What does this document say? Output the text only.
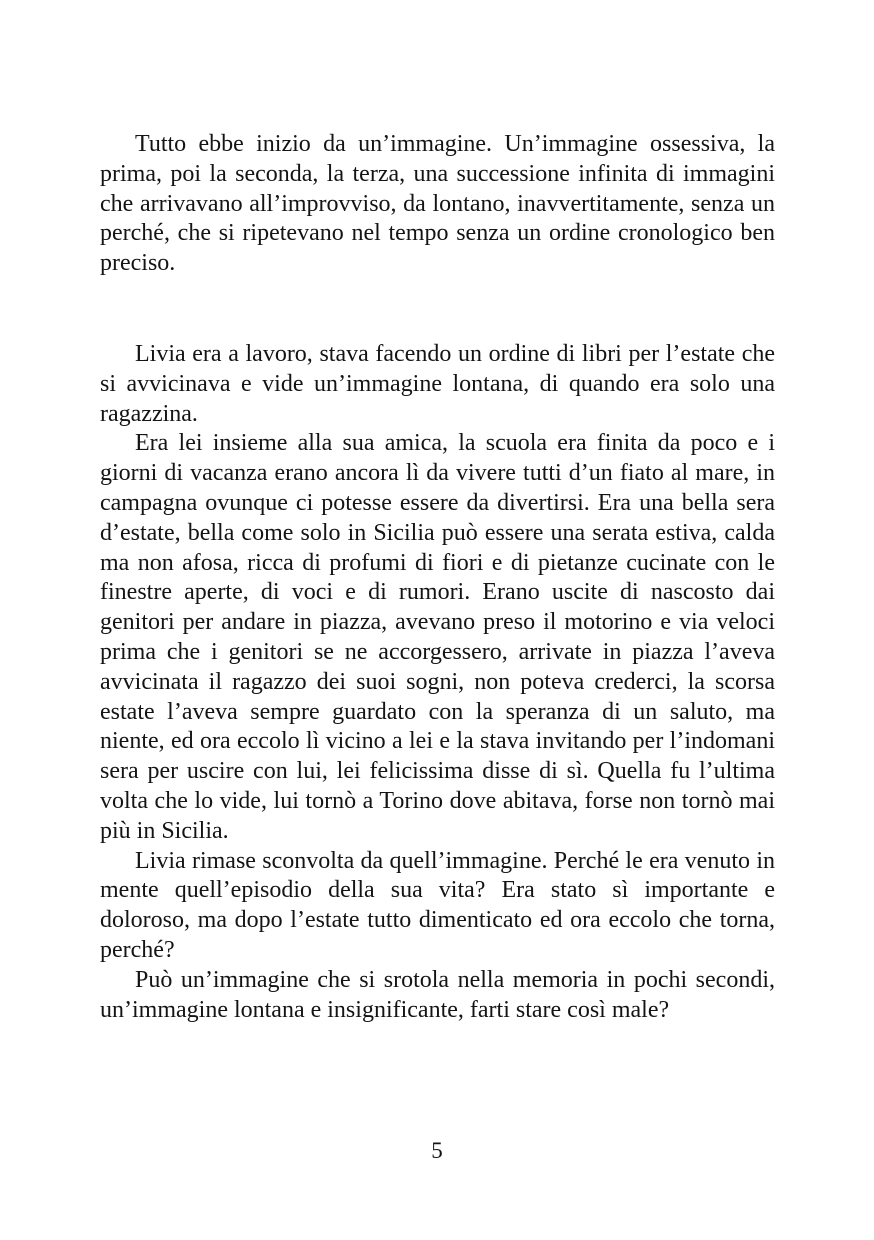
Tutto ebbe inizio da un’immagine. Un’immagine ossessiva, la prima, poi la seconda, la terza, una successione infinita di immagini che arrivavano all’improvviso, da lontano, inavvertitamente, senza un perché, che si ripetevano nel tempo senza un ordine cronologico ben preciso.

Livia era a lavoro, stava facendo un ordine di libri per l’estate che si avvicinava e vide un’immagine lontana, di quando era solo una ragazzina.

Era lei insieme alla sua amica, la scuola era finita da poco e i giorni di vacanza erano ancora lì da vivere tutti d’un fiato al mare, in campagna ovunque ci potesse essere da divertirsi. Era una bella sera d’estate, bella come solo in Sicilia può essere una serata estiva, calda ma non afosa, ricca di profumi di fiori e di pietanze cucinate con le finestre aperte, di voci e di rumori. Erano uscite di nascosto dai genitori per andare in piazza, avevano preso il motorino e via veloci prima che i genitori se ne accorgessero, arrivate in piazza l’aveva avvicinata il ragazzo dei suoi sogni, non poteva crederci, la scorsa estate l’aveva sempre guardato con la speranza di un saluto, ma niente, ed ora eccolo lì vicino a lei e la stava invitando per l’indomani sera per uscire con lui, lei felicissima disse di sì. Quella fu l’ultima volta che lo vide, lui tornò a Torino dove abitava, forse non tornò mai più in Sicilia.

Livia rimase sconvolta da quell’immagine. Perché le era venuto in mente quell’episodio della sua vita? Era stato sì importante e doloroso, ma dopo l’estate tutto dimenticato ed ora eccolo che torna, perché?

Può un’immagine che si srotola nella memoria in pochi secondi, un’immagine lontana e insignificante, farti stare così male?

5
